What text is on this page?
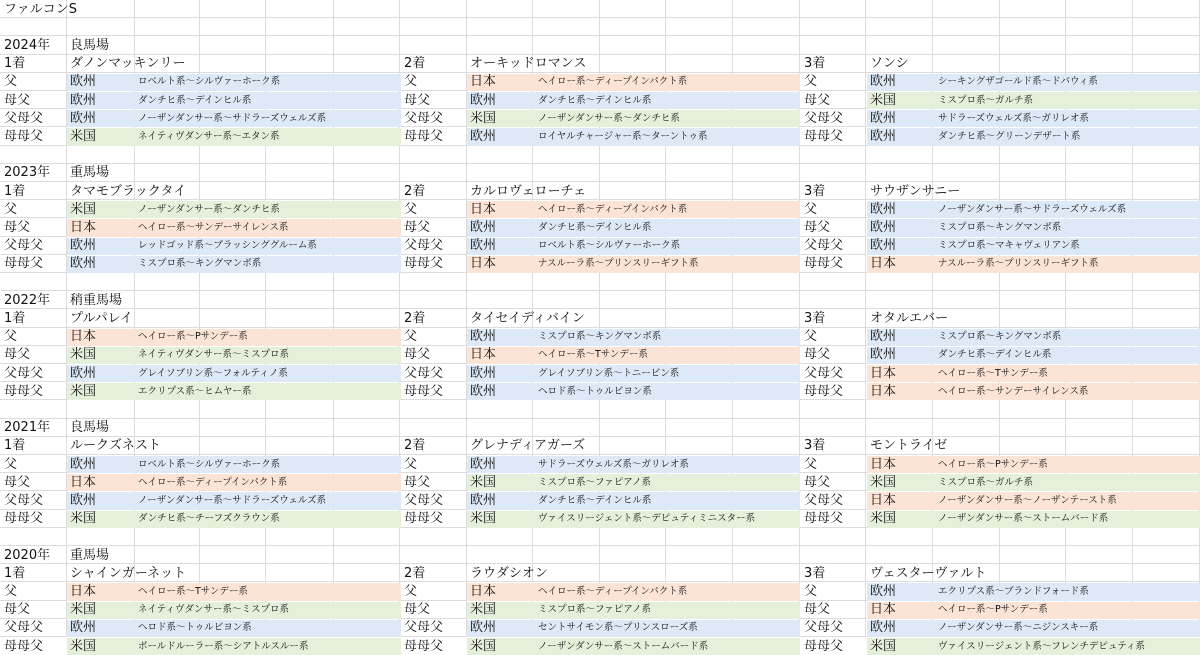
ファルコンS
2024年 良馬場
1着	ダノンマッキンリー
父	欧州	ロベルト系～シルヴァーホーク系
母父	欧州	ダンチヒ系～デインヒル系
父母父 欧州	ノーザンダンサー系～サドラーズウェルズ系
母母父 米国	ネイティヴダンサー系～エタン系
2着	オーキッドロマンス
父	日本	ヘイロー系～ディープインパクト系
母父	欧州	ダンチヒ系～デインヒル系
父母父 米国	ノーザンダンサー系～ダンチヒ系
母母父 欧州	ロイヤルチャージャー系～ターントゥ系
3着	ソンシ
父	欧州	シーキングザゴールド系～ドバウィ系
母父	米国	ミスプロ系～ガルチ系
父母父 欧州	サドラーズウェルズ系～ガリレオ系
母母父 欧州	ダンチヒ系～グリーンデザート系
2023年 重馬場
1着	タマモブラックタイ
父	米国	ノーザンダンサー系～ダンチヒ系
母父	日本	ヘイロー系～サンデーサイレンス系
父母父 欧州	レッドゴッド系～ブラッシンググルーム系
母母父 欧州	ミスプロ系～キングマンボ系
2着	カルロヴェローチェ
父	日本	ヘイロー系～ディープインパクト系
母父	欧州	ダンチヒ系～デインヒル系
父母父 欧州	ロベルト系～シルヴァーホーク系
母母父 日本	ナスルーラ系～プリンスリーギフト系
3着	サウザンサニー
父	欧州	ノーザンダンサー系～サドラーズウェルズ系
母父	欧州	ミスプロ系～キングマンボ系
父母父 欧州	ミスプロ系～マキャヴェリアン系
母母父 日本	ナスルーラ系～プリンスリーギフト系
2022年 稍重馬場
1着	プルパレイ
父	日本	ヘイロー系～Pサンデー系
母父	米国	ネイティヴダンサー系～ミスプロ系
父母父 欧州	グレイソブリン系～フォルティノ系
母母父 米国	エクリプス系～ヒムヤー系
2着	タイセイディバイン
父	欧州	ミスプロ系～キングマンボ系
母父	日本	ヘイロー系～Tサンデー系
父母父 欧州	グレイソブリン系～トニービン系
母母父 欧州	ヘロド系～トゥルビヨン系
3着	オタルエバー
父	欧州	ミスプロ系～キングマンボ系
母父	欧州	ダンチヒ系～デインヒル系
父母父 日本	ヘイロー系～Tサンデー系
母母父 日本	ヘイロー系～サンデーサイレンス系
2021年 良馬場
1着	ルークズネスト
父	欧州	ロベルト系～シルヴァーホーク系
母父	日本	ヘイロー系～ディープインパクト系
父母父 欧州	ノーザンダンサー系～サドラーズウェルズ系
母母父 米国	ダンチヒ系～チーフズクラウン系
2着	グレナディアガーズ
父	欧州	サドラーズウェルズ系～ガリレオ系
母父	米国	ミスプロ系～ファピアノ系
父母父 欧州	ダンチヒ系～デインヒル系
母母父 米国	ヴァイスリージェント系～デピュティミニスター系
3着	モントライゼ
父	日本	ヘイロー系～Pサンデー系
母父	米国	ミスプロ系～ガルチ系
父母父 日本	ノーザンダンサー系～ノーザンテースト系
母母父 米国	ノーザンダンサー系～ストームバード系
2020年 重馬場
1着	シャインガーネット
父	日本	ヘイロー系～Tサンデー系
母父	米国	ネイティヴダンサー系～ミスプロ系
父母父 欧州	ヘロド系～トゥルビヨン系
母母父 米国	ボールドルーラー系～シアトルスルー系
2着	ラウダシオン
父	日本	ヘイロー系～ディープインパクト系
母父	米国	ミスプロ系～ファピアノ系
父母父 欧州	セントサイモン系～プリンスローズ系
母母父 米国	ノーザンダンサー系～ストームバード系
3着	ヴェスターヴァルト
父	欧州	エクリプス系～ブランドフォード系
母父	日本	ヘイロー系～Pサンデー系
父母父 欧州	ノーザンダンサー系～ニジンスキー系
母母父 米国	ヴァイスリージェント系～フレンチデピュティ系
